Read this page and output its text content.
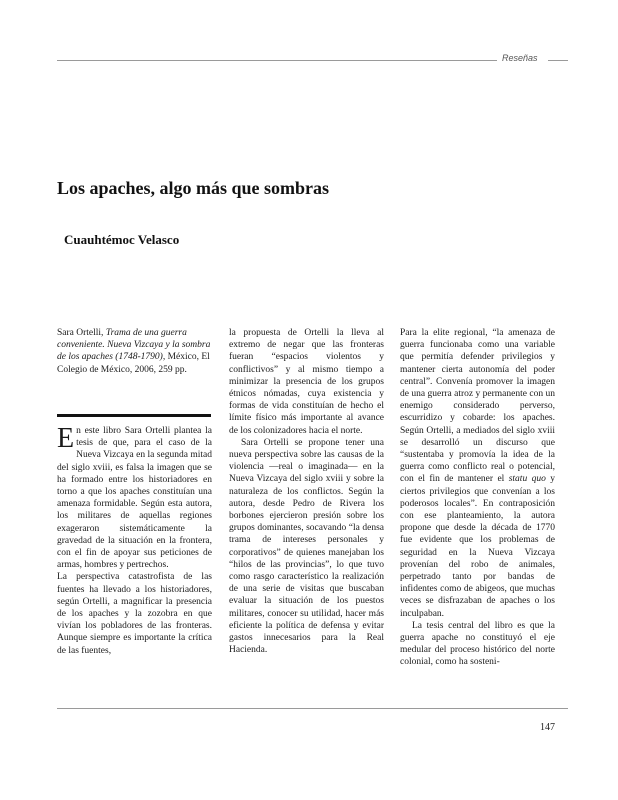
Reseñas
Los apaches, algo más que sombras
Cuauhtémoc Velasco

Sara Ortelli, Trama de una guerra conveniente. Nueva Vizcaya y la sombra de los apaches (1748-1790), México, El Colegio de México, 2006, 259 pp.

En este libro Sara Ortelli plantea la tesis de que, para el caso de la Nueva Vizcaya en la segunda mitad del siglo xviii, es falsa la imagen que se ha formado entre los historiadores en torno a que los apaches constituían una amenaza formidable. Según esta autora, los militares de aquellas regiones exageraron sistemáticamente la gravedad de la situación en la frontera, con el fin de apoyar sus peticiones de armas, hombres y pertrechos.

La perspectiva catastrofista de las fuentes ha llevado a los historiadores, según Ortelli, a magnificar la presencia de los apaches y la zozobra en que vivían los pobladores de las fronteras. Aunque siempre es importante la crítica de las fuentes,

la propuesta de Ortelli la lleva al extremo de negar que las fronteras fueran “espacios violentos y conflictivos” y al mismo tiempo a minimizar la presencia de los grupos étnicos nómadas, cuya existencia y formas de vida constituían de hecho el límite físico más importante al avance de los colonizadores hacia el norte.

Sara Ortelli se propone tener una nueva perspectiva sobre las causas de la violencia —real o imaginada— en la Nueva Vizcaya del siglo xviii y sobre la naturaleza de los conflictos. Según la autora, desde Pedro de Rivera los borbones ejercieron presión sobre los grupos dominantes, socavando “la densa trama de intereses personales y corporativos” de quienes manejaban los “hilos de las provincias”, lo que tuvo como rasgo característico la realización de una serie de visitas que buscaban evaluar la situación de los puestos militares, conocer su utilidad, hacer más eficiente la política de defensa y evitar gastos innecesarios para la Real Hacienda.

Para la elite regional, “la amenaza de guerra funcionaba como una variable que permitía defender privilegios y mantener cierta autonomía del poder central”. Convenía promover la imagen de una guerra atroz y permanente con un enemigo considerado perverso, escurridizo y cobarde: los apaches. Según Ortelli, a mediados del siglo xviii se desarrolló un discurso que “sustentaba y promovía la idea de la guerra como conflicto real o potencial, con el fin de mantener el statu quo y ciertos privilegios que convenían a los poderosos locales”. En contraposición con ese planteamiento, la autora propone que desde la década de 1770 fue evidente que los problemas de seguridad en la Nueva Vizcaya provenían del robo de animales, perpetrado tanto por bandas de infidentes como de abigeos, que muchas veces se disfrazaban de apaches o los inculpaban.

La tesis central del libro es que la guerra apache no constituyó el eje medular del proceso histórico del norte colonial, como ha sosteni-

147
